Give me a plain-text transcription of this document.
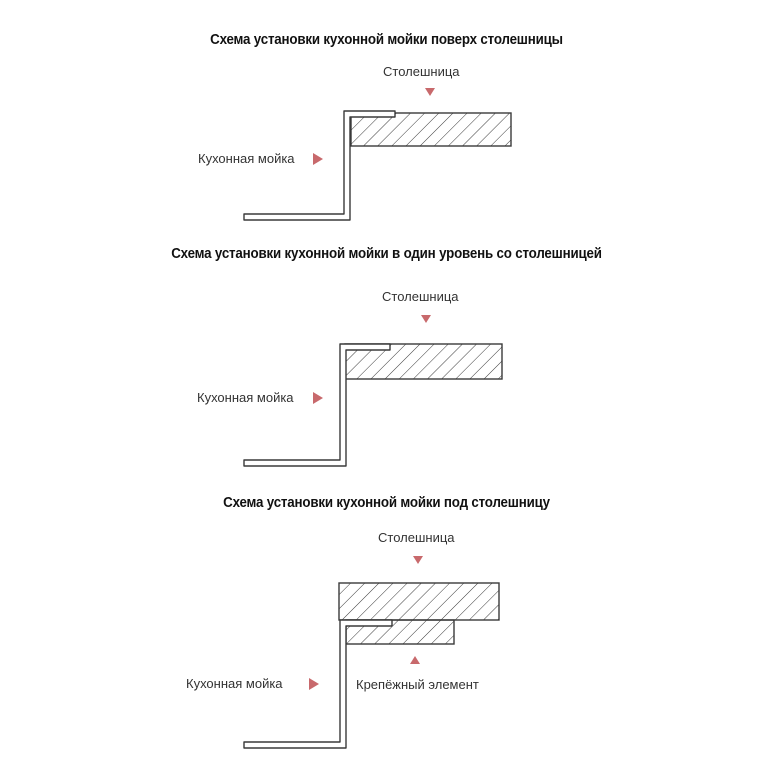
Схема установки кухонной мойки поверх столешницы
Столешница
Кухонная мойка
Схема установки кухонной мойки в один уровень со столешницей
Столешница
Кухонная мойка
Схема установки кухонной мойки под столешницу
Столешница
Кухонная мойка	Крепёжный элемент
